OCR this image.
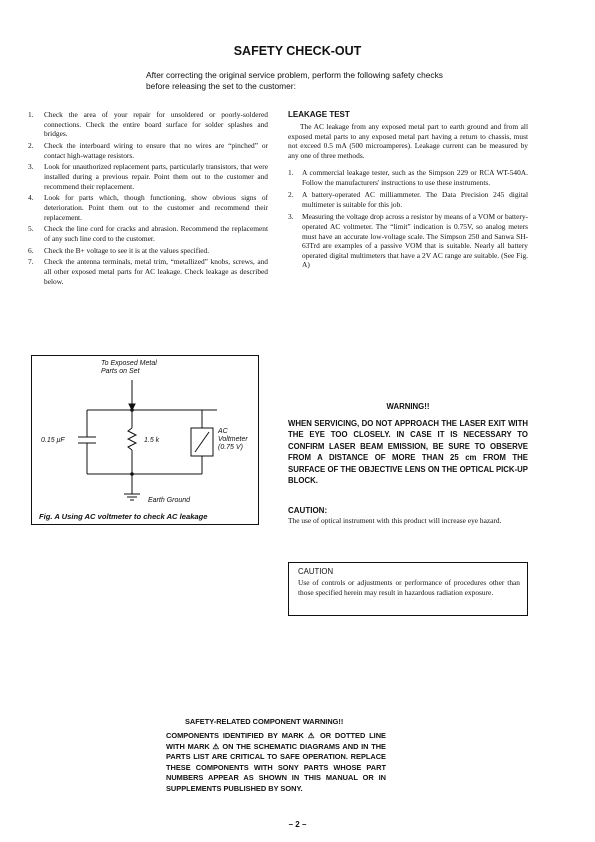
SAFETY CHECK-OUT
After correcting the original service problem, perform the following safety checks before releasing the set to the customer:
1. Check the area of your repair for unsoldered or poorly-soldered connections. Check the entire board surface for solder splashes and bridges.
2. Check the interboard wiring to ensure that no wires are “pinched” or contact high-wattage resistors.
3. Look for unauthorized replacement parts, particularly transistors, that were installed during a previous repair. Point them out to the customer and recommend their replacement.
4. Look for parts which, though functioning, show obvious signs of deterioration. Point them out to the customer and recommend their replacement.
5. Check the line cord for cracks and abrasion. Recommend the replacement of any such line cord to the customer.
6. Check the B+ voltage to see it is at the values specified.
7. Check the antenna terminals, metal trim, “metallized” knobs, screws, and all other exposed metal parts for AC leakage. Check leakage as described below.
LEAKAGE TEST
The AC leakage from any exposed metal part to earth ground and from all exposed metal parts to any exposed metal part having a return to chassis, must not exceed 0.5 mA (500 microamperes). Leakage current can be measured by any one of three methods.
1. A commercial leakage tester, such as the Simpson 229 or RCA WT-540A. Follow the manufacturers' instructions to use these instruments.
2. A battery-operated AC milliammeter. The Data Precision 245 digital multimeter is suitable for this job.
3. Measuring the voltage drop across a resistor by means of a VOM or battery-operated AC voltmeter. The “limit” indication is 0.75V, so analog meters must have an accurate low-voltage scale. The Simpson 250 and Sanwa SH-63Trd are examples of a passive VOM that is suitable. Nearly all battery operated digital multimeters that have a 2V AC range are suitable. (See Fig. A)
To Exposed Metal
Parts on Set
0.15 μF	1.5 k
AC
Voltmeter
(0.75 V)
Earth Ground
Fig. A Using AC voltmeter to check AC leakage
WARNING!!
WHEN SERVICING, DO NOT APPROACH THE LASER EXIT WITH THE EYE TOO CLOSELY. IN CASE IT IS NECESSARY TO CONFIRM LASER BEAM EMISSION, BE SURE TO OBSERVE FROM A DISTANCE OF MORE THAN 25 cm FROM THE SURFACE OF THE OBJECTIVE LENS ON THE OPTICAL PICK-UP BLOCK.
CAUTION:
The use of optical instrument with this product will increase eye hazard.
CAUTION
Use of controls or adjustments or performance of procedures other than those specified herein may result in hazardous radiation exposure.
SAFETY-RELATED COMPONENT WARNING!!
COMPONENTS IDENTIFIED BY MARK ⚠ OR DOTTED LINE WITH MARK ⚠ ON THE SCHEMATIC DIAGRAMS AND IN THE PARTS LIST ARE CRITICAL TO SAFE OPERATION. REPLACE THESE COMPONENTS WITH SONY PARTS WHOSE PART NUMBERS APPEAR AS SHOWN IN THIS MANUAL OR IN SUPPLEMENTS PUBLISHED BY SONY.
– 2 –
